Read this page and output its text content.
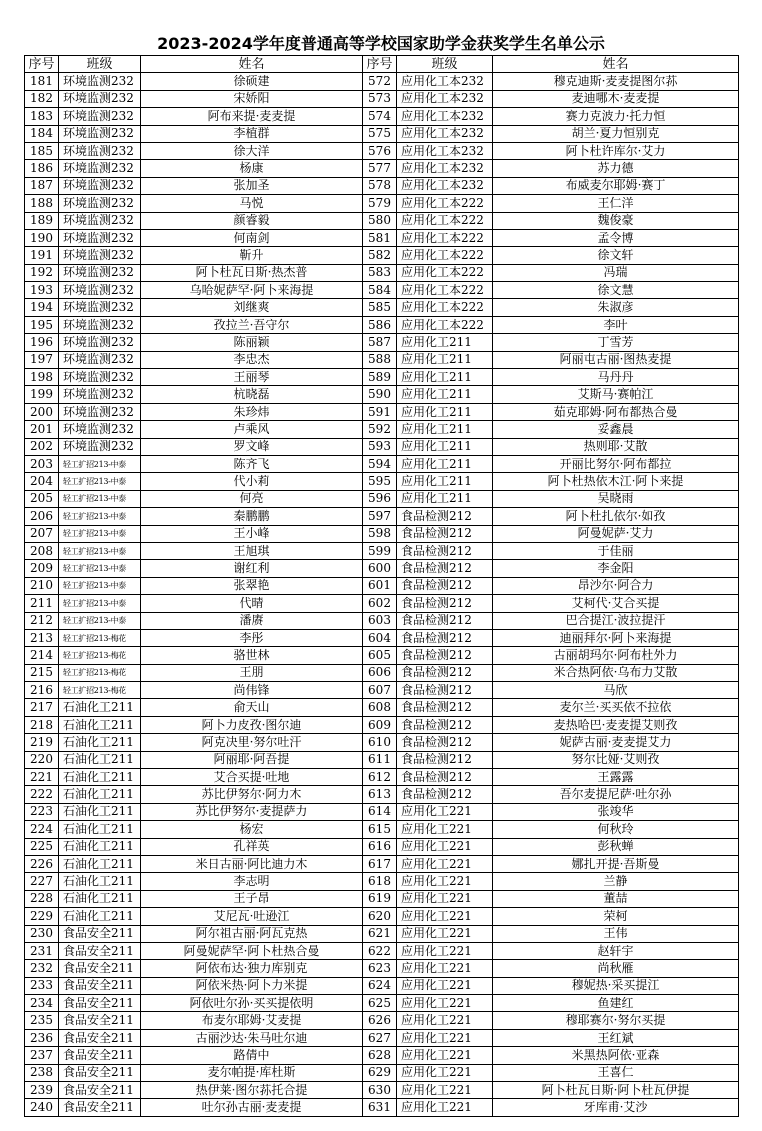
2023-2024学年度普通高等学校国家助学金获奖学生名单公示
序号	班级	姓名	序号	班级	姓名
181	环境监测232	徐硕建	572	应用化工本232	穆克迪斯·麦麦提图尔荪
182	环境监测232	宋娇阳	573	应用化工本232	麦迪哪木·麦麦提
183	环境监测232	阿布来提·麦麦提	574	应用化工本232	赛力克波力·托力恒
184	环境监测232	李植群	575	应用化工本232	胡兰·夏力恒别克
185	环境监测232	徐大洋	576	应用化工本232	阿卜杜许库尔·艾力
186	环境监测232	杨康	577	应用化工本232	苏力德
187	环境监测232	张加圣	578	应用化工本232	布威麦尔耶姆·赛丁
188	环境监测232	马悦	579	应用化工本222	王仁洋
189	环境监测232	颜睿毅	580	应用化工本222	魏俊豪
190	环境监测232	何南剑	581	应用化工本222	孟令博
191	环境监测232	靳升	582	应用化工本222	徐文轩
192	环境监测232	阿卜杜瓦日斯·热杰普	583	应用化工本222	冯瑞
193	环境监测232	乌哈妮萨罕·阿卜来海提	584	应用化工本222	徐文慧
194	环境监测232	刘继爽	585	应用化工本222	朱淑彦
195	环境监测232	孜拉兰·吾守尔	586	应用化工本222	李叶
196	环境监测232	陈丽颖	587	应用化工211	丁雪芳
197	环境监测232	李忠杰	588	应用化工211	阿丽屯古丽·图热麦提
198	环境监测232	王丽琴	589	应用化工211	马丹丹
199	环境监测232	杭晓磊	590	应用化工211	艾斯马·赛帕江
200	环境监测232	朱珍炜	591	应用化工211	茹克耶姆·阿布都热合曼
201	环境监测232	卢乘风	592	应用化工211	妥鑫晨
202	环境监测232	罗文峰	593	应用化工211	热则耶·艾散
203	轻工扩招213-中泰	陈齐飞	594	应用化工211	开丽比努尔·阿布都拉
204	轻工扩招213-中泰	代小莉	595	应用化工211	阿卜杜热依木江·阿卜来提
205	轻工扩招213-中泰	何亮	596	应用化工211	吴晓雨
206	轻工扩招213-中泰	秦鹏鹏	597	食品检测212	阿卜杜扎依尔·如孜
207	轻工扩招213-中泰	王小峰	598	食品检测212	阿曼妮萨·艾力
208	轻工扩招213-中泰	王旭琪	599	食品检测212	于佳丽
209	轻工扩招213-中泰	谢红利	600	食品检测212	李金阳
210	轻工扩招213-中泰	张翠艳	601	食品检测212	昂沙尔·阿合力
211	轻工扩招213-中泰	代晴	602	食品检测212	艾柯代·艾合买提
212	轻工扩招213-中泰	潘赓	603	食品检测212	巴合提江·波拉提汗
213	轻工扩招213-梅花	李彤	604	食品检测212	迪丽拜尔·阿卜来海提
214	轻工扩招213-梅花	骆世林	605	食品检测212	古丽胡玛尔·阿布杜外力
215	轻工扩招213-梅花	王朋	606	食品检测212	米合热阿依·乌布力艾散
216	轻工扩招213-梅花	尚伟锋	607	食品检测212	马欣
217	石油化工211	俞天山	608	食品检测212	麦尔兰·买买依不拉依
218	石油化工211	阿卜力皮孜·图尔迪	609	食品检测212	麦热哈巴·麦麦提艾则孜
219	石油化工211	阿克决里·努尔吐汗	610	食品检测212	妮萨古丽·麦麦提艾力
220	石油化工211	阿丽耶·阿吾提	611	食品检测212	努尔比娅·艾则孜
221	石油化工211	艾合买提·吐地	612	食品检测212	王露露
222	石油化工211	苏比伊努尔·阿力木	613	食品检测212	吾尔麦提尼萨·吐尔孙
223	石油化工211	苏比伊努尔·麦提萨力	614	应用化工221	张竣华
224	石油化工211	杨宏	615	应用化工221	何秋玲
225	石油化工211	孔祥英	616	应用化工221	彭秋蝉
226	石油化工211	米日古丽·阿比迪力木	617	应用化工221	娜扎开提·吾斯曼
227	石油化工211	李志明	618	应用化工221	兰静
228	石油化工211	王子昂	619	应用化工221	董喆
229	石油化工211	艾尼瓦·吐逊江	620	应用化工221	荣柯
230	食品安全211	阿尔祖古丽·阿瓦克热	621	应用化工221	王伟
231	食品安全211	阿曼妮萨罕·阿卜杜热合曼	622	应用化工221	赵轩宇
232	食品安全211	阿依布达·独力库别克	623	应用化工221	尚秋雁
233	食品安全211	阿依米热·阿卜力米提	624	应用化工221	穆妮热·采买提江
234	食品安全211	阿依吐尔孙·买买提依明	625	应用化工221	鱼建红
235	食品安全211	布麦尔耶姆·艾麦提	626	应用化工221	穆耶赛尔·努尔买提
236	食品安全211	古丽沙达·朱马吐尔迪	627	应用化工221	王红斌
237	食品安全211	路倩中	628	应用化工221	米黑热阿依·亚森
238	食品安全211	麦尔帕提·库杜斯	629	应用化工221	王喜仁
239	食品安全211	热伊莱·图尔荪托合提	630	应用化工221	阿卜杜瓦日斯·阿卜杜瓦伊提
240	食品安全211	吐尔孙古丽·麦麦提	631	应用化工221	牙库甫·艾沙
